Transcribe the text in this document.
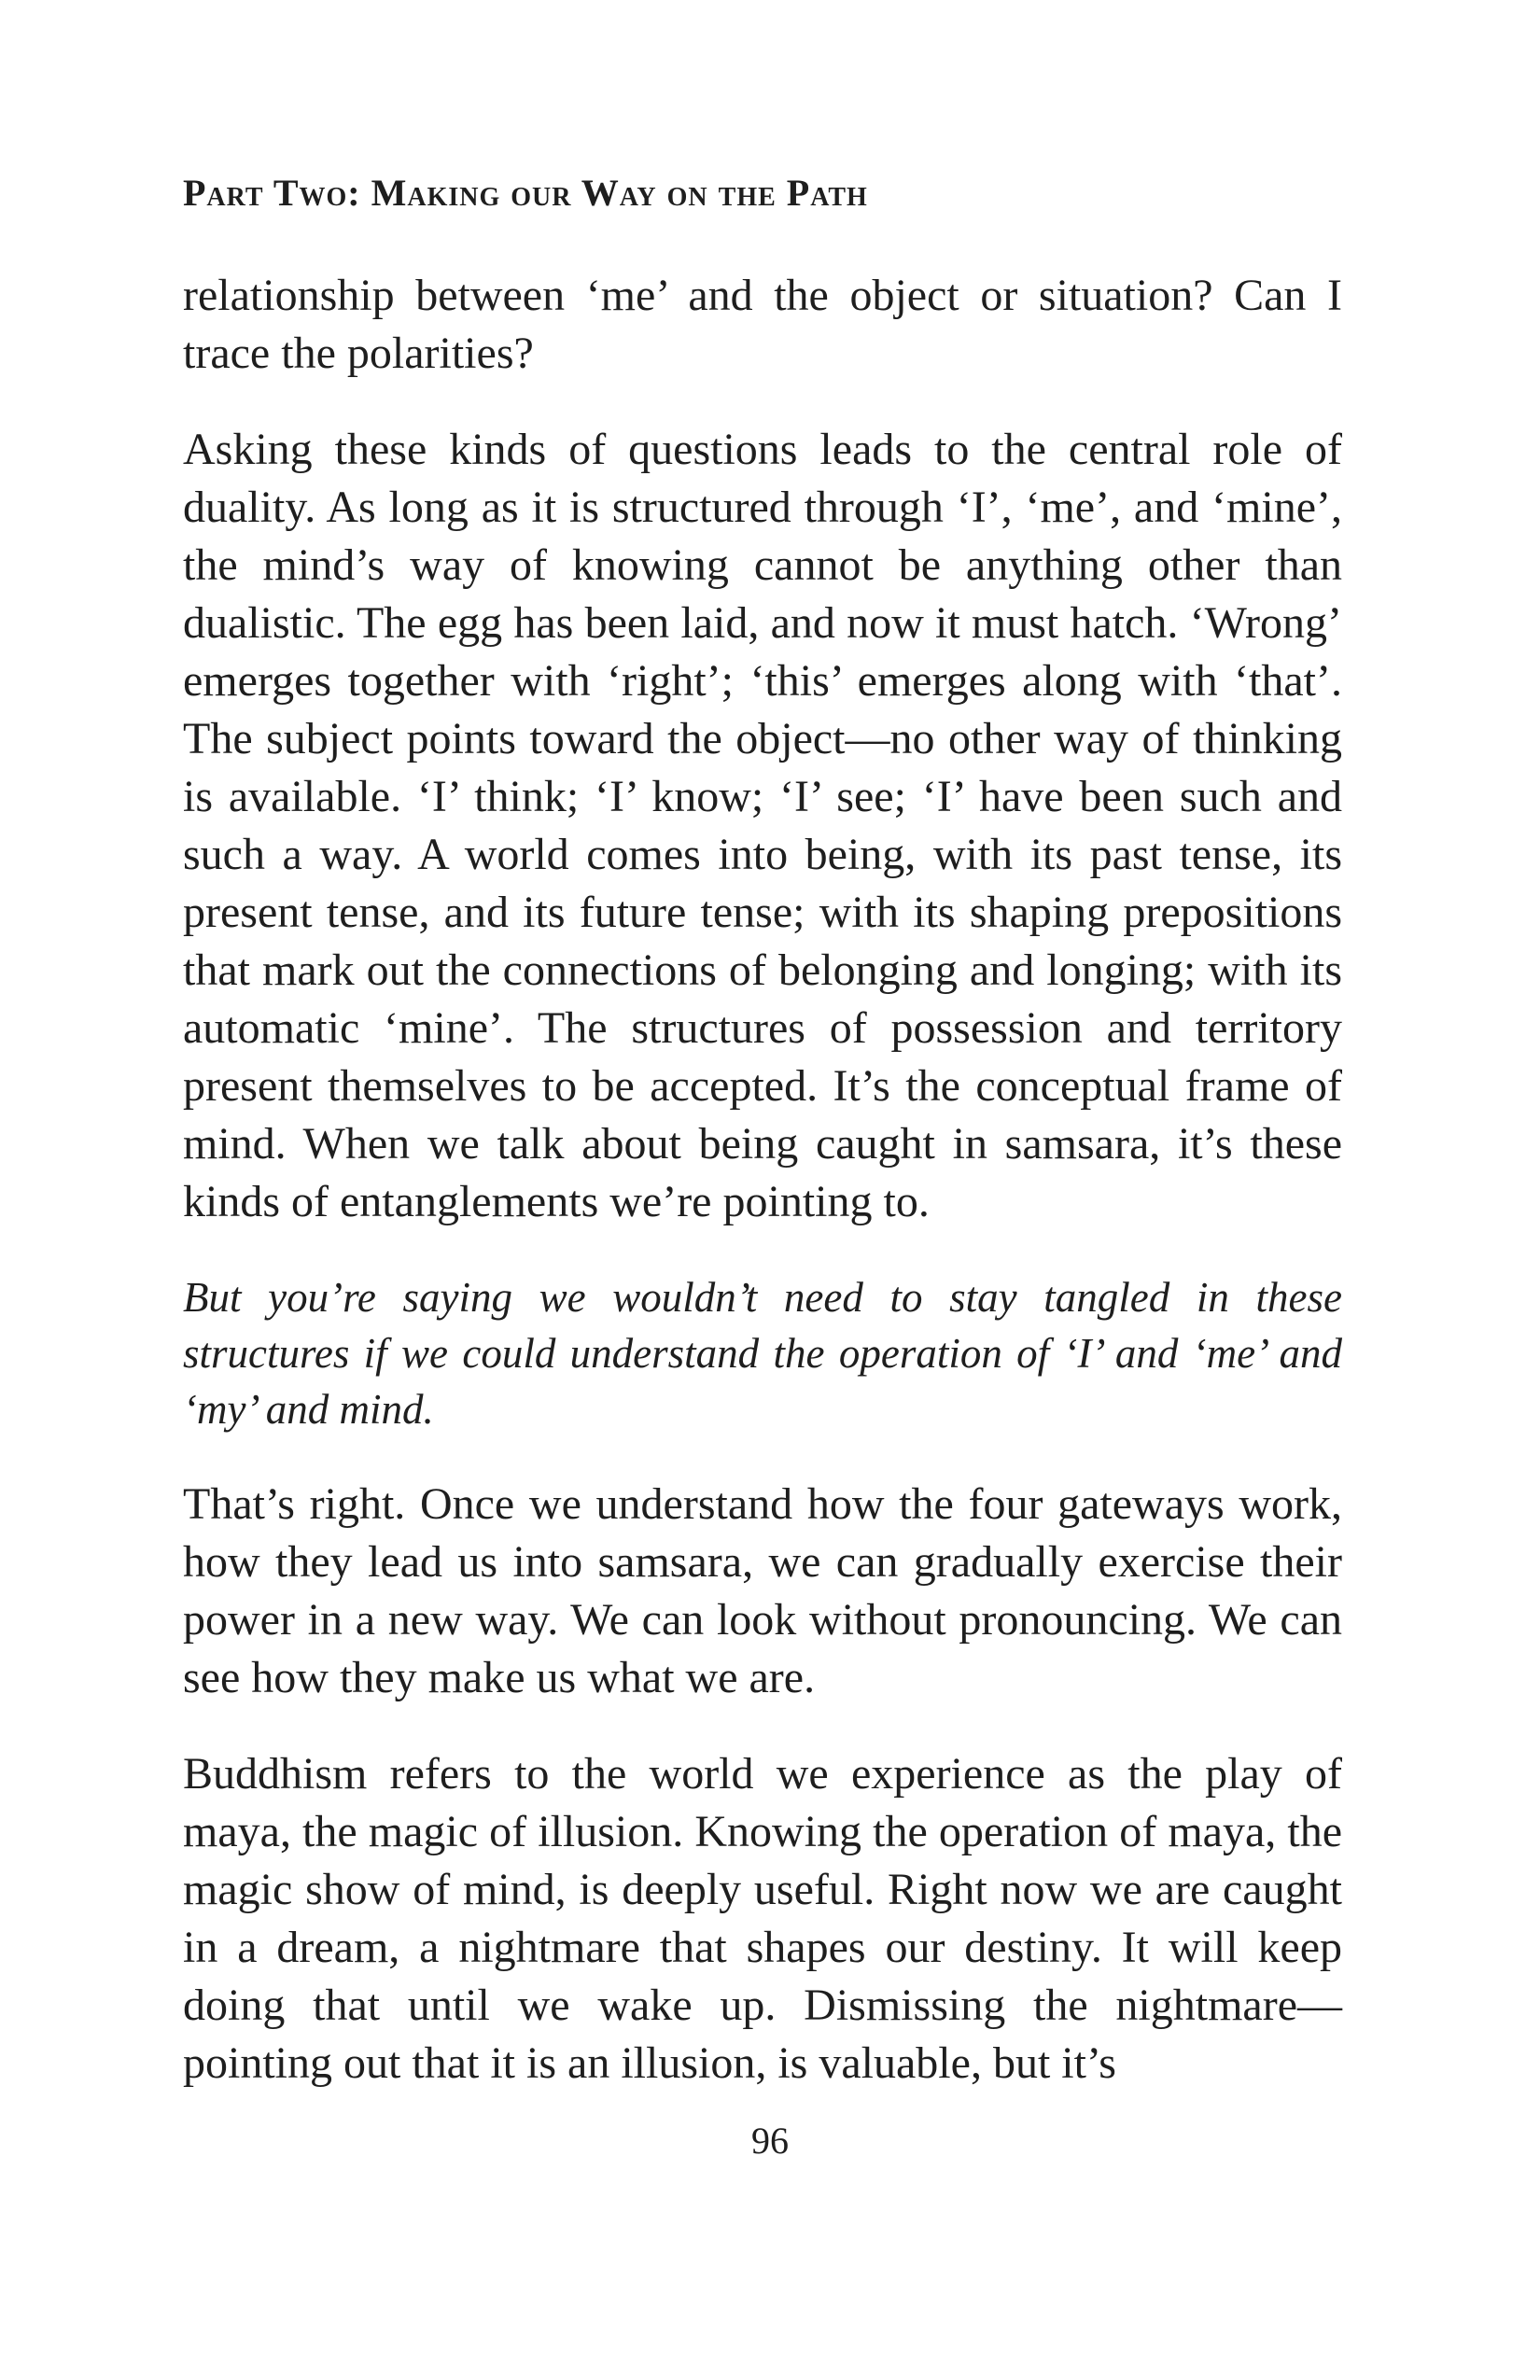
Part Two: Making our Way on the Path

relationship between ‘me’ and the object or situation? Can I trace the polarities?

Asking these kinds of questions leads to the central role of duality. As long as it is structured through ‘I’, ‘me’, and ‘mine’, the mind’s way of knowing cannot be anything other than dualistic. The egg has been laid, and now it must hatch. ‘Wrong’ emerges together with ‘right’; ‘this’ emerges along with ‘that’. The subject points toward the object—no other way of thinking is available. ‘I’ think; ‘I’ know; ‘I’ see; ‘I’ have been such and such a way. A world comes into being, with its past tense, its present tense, and its future tense; with its shaping prepositions that mark out the connections of belonging and longing; with its automatic ‘mine’. The structures of possession and territory present themselves to be accepted. It’s the conceptual frame of mind. When we talk about being caught in samsara, it’s these kinds of entanglements we’re pointing to.

But you’re saying we wouldn’t need to stay tangled in these structures if we could understand the operation of ‘I’ and ‘me’ and ‘my’ and mind.

That’s right. Once we understand how the four gateways work, how they lead us into samsara, we can gradually exercise their power in a new way. We can look without pronouncing. We can see how they make us what we are.

Buddhism refers to the world we experience as the play of maya, the magic of illusion. Knowing the operation of maya, the magic show of mind, is deeply useful. Right now we are caught in a dream, a nightmare that shapes our destiny. It will keep doing that until we wake up. Dismissing the nightmare—pointing out that it is an illusion, is valuable, but it’s

96
